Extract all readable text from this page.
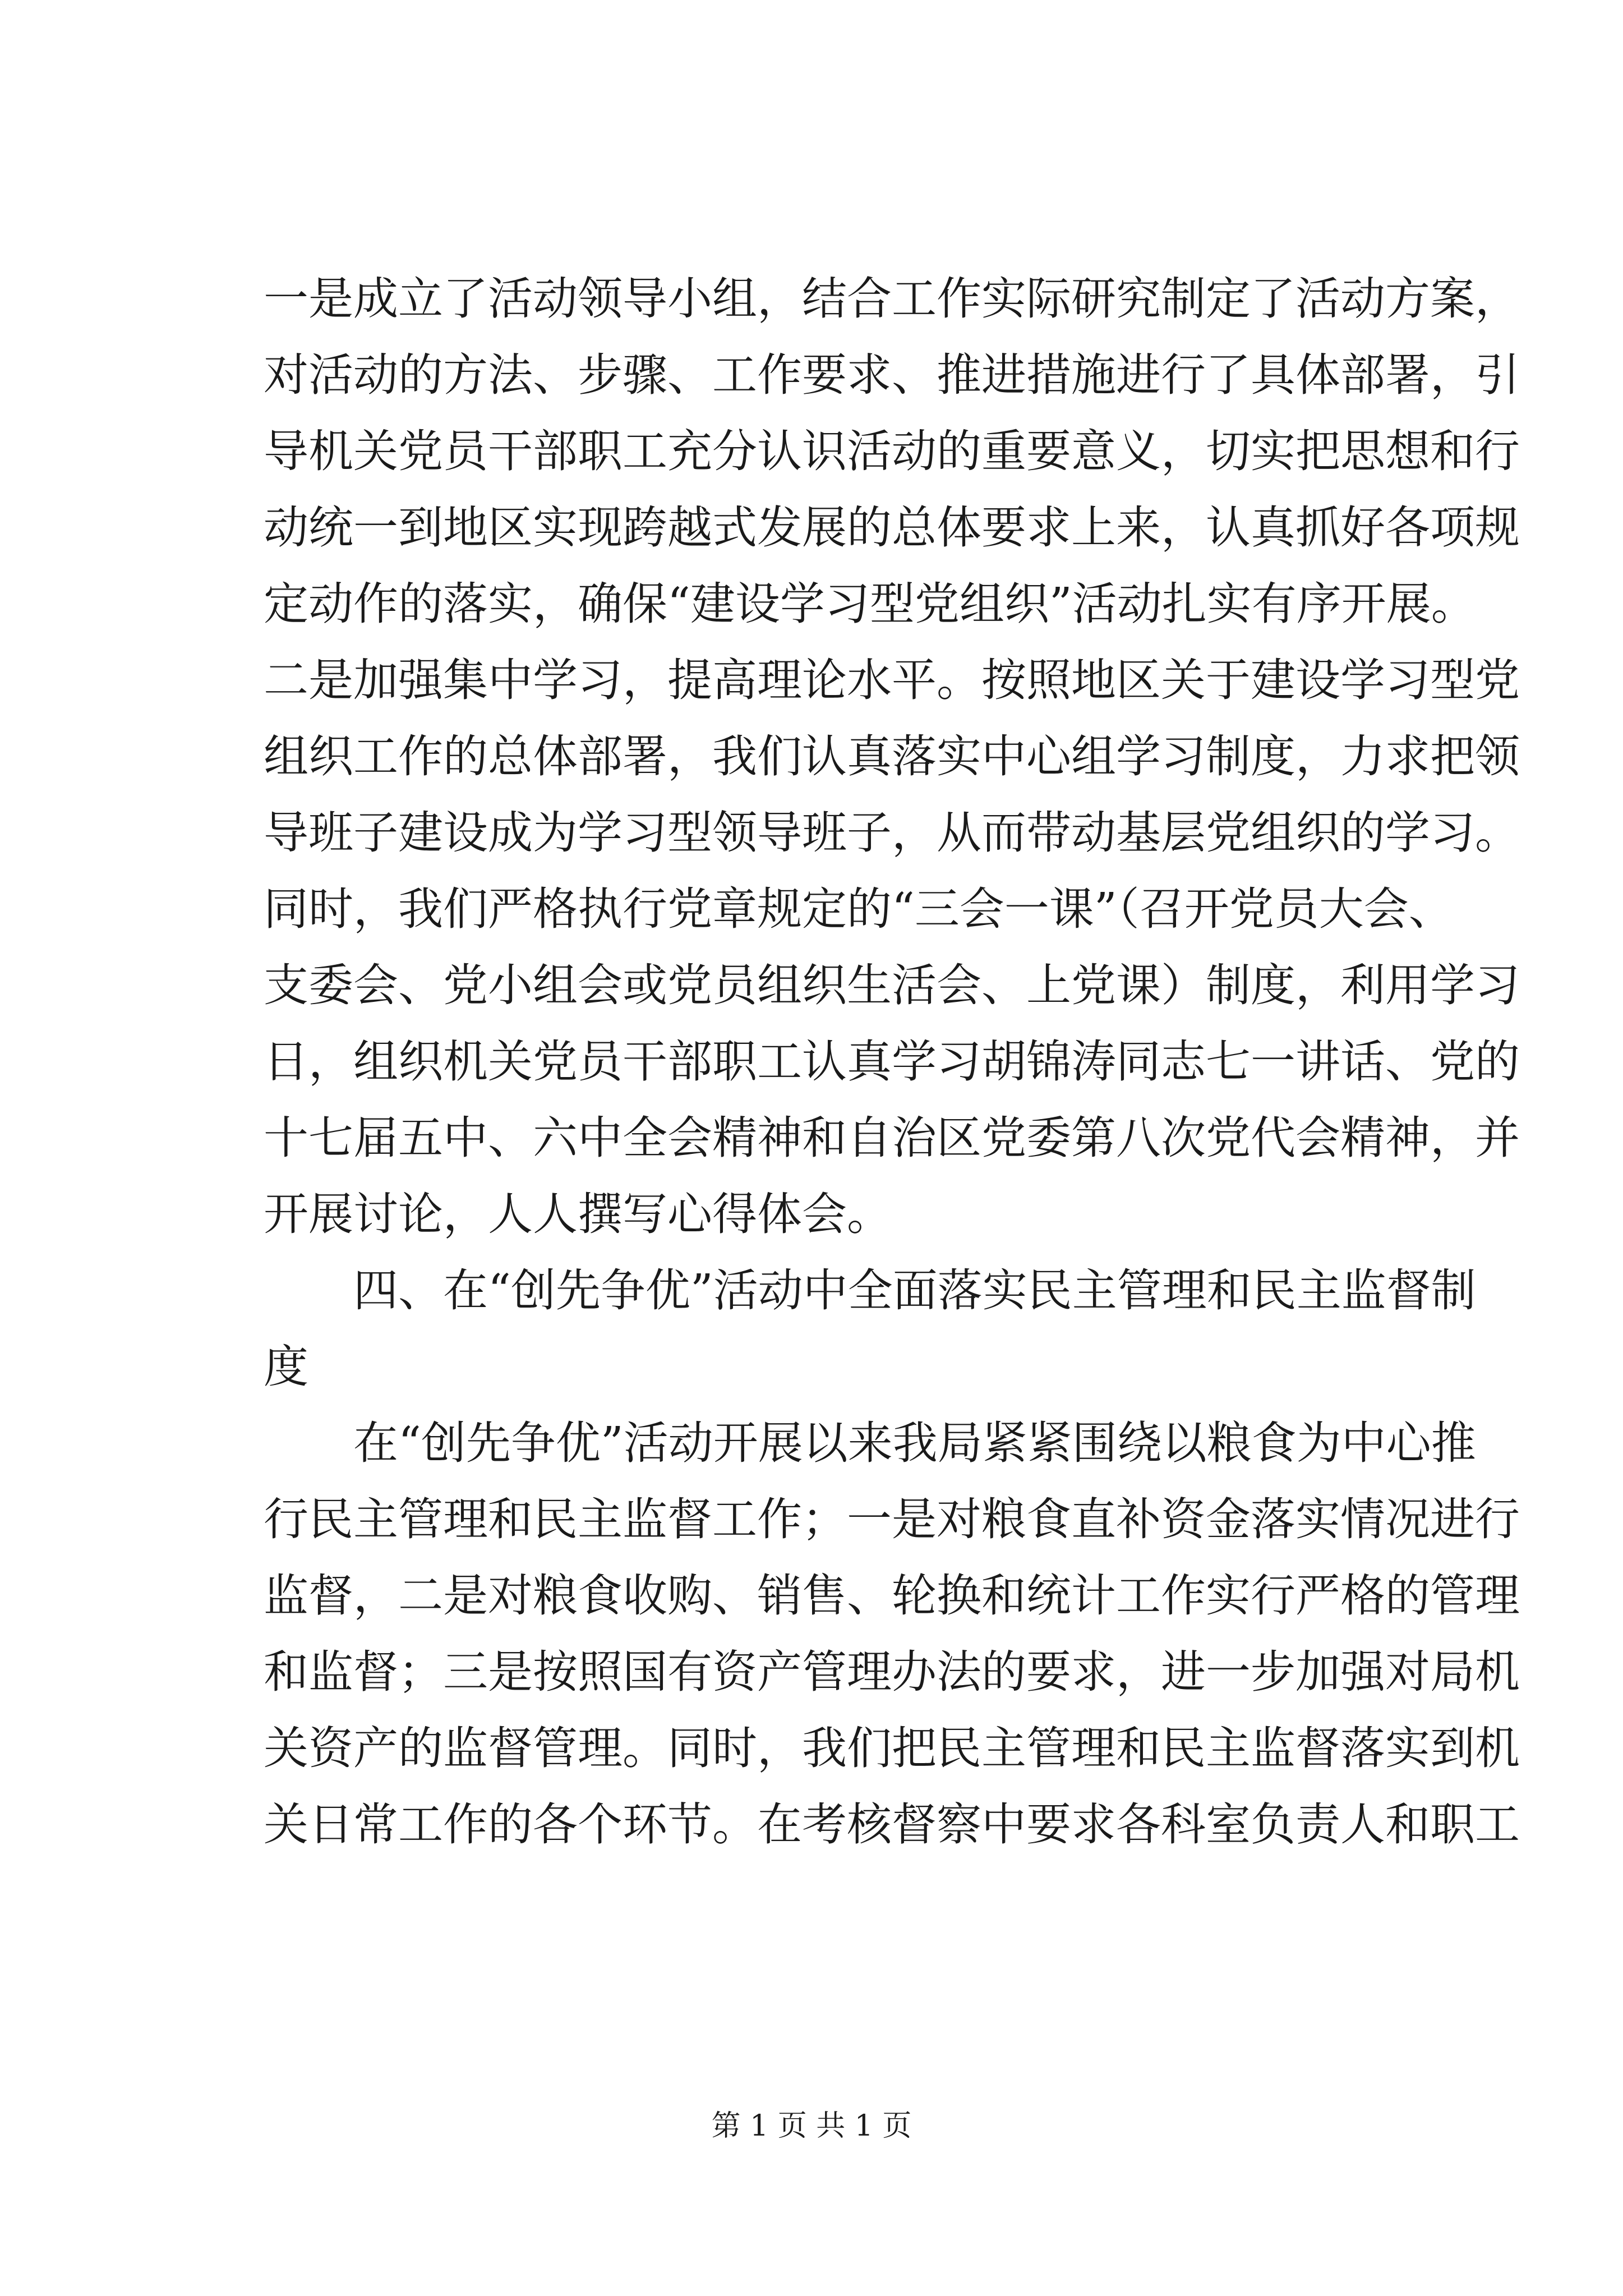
一是成立了活动领导小组，结合工作实际研究制定了活动方案，
对活动的方法、步骤、工作要求、推进措施进行了具体部署，引
导机关党员干部职工充分认识活动的重要意义，切实把思想和行
动统一到地区实现跨越式发展的总体要求上来，认真抓好各项规
定动作的落实，确保“建设学习型党组织”活动扎实有序开展。
二是加强集中学习，提高理论水平。按照地区关于建设学习型党
组织工作的总体部署，我们认真落实中心组学习制度，力求把领
导班子建设成为学习型领导班子，从而带动基层党组织的学习。
同时，我们严格执行党章规定的“三会一课”（召开党员大会、
支委会、党小组会或党员组织生活会、上党课）制度，利用学习
日，组织机关党员干部职工认真学习胡锦涛同志七一讲话、党的
十七届五中、六中全会精神和自治区党委第八次党代会精神，并
开展讨论，人人撰写心得体会。
四、在“创先争优”活动中全面落实民主管理和民主监督制
度
在“创先争优”活动开展以来我局紧紧围绕以粮食为中心推
行民主管理和民主监督工作；一是对粮食直补资金落实情况进行
监督，二是对粮食收购、销售、轮换和统计工作实行严格的管理
和监督；三是按照国有资产管理办法的要求，进一步加强对局机
关资产的监督管理。同时，我们把民主管理和民主监督落实到机
关日常工作的各个环节。在考核督察中要求各科室负责人和职工
第 1 页 共 1 页
